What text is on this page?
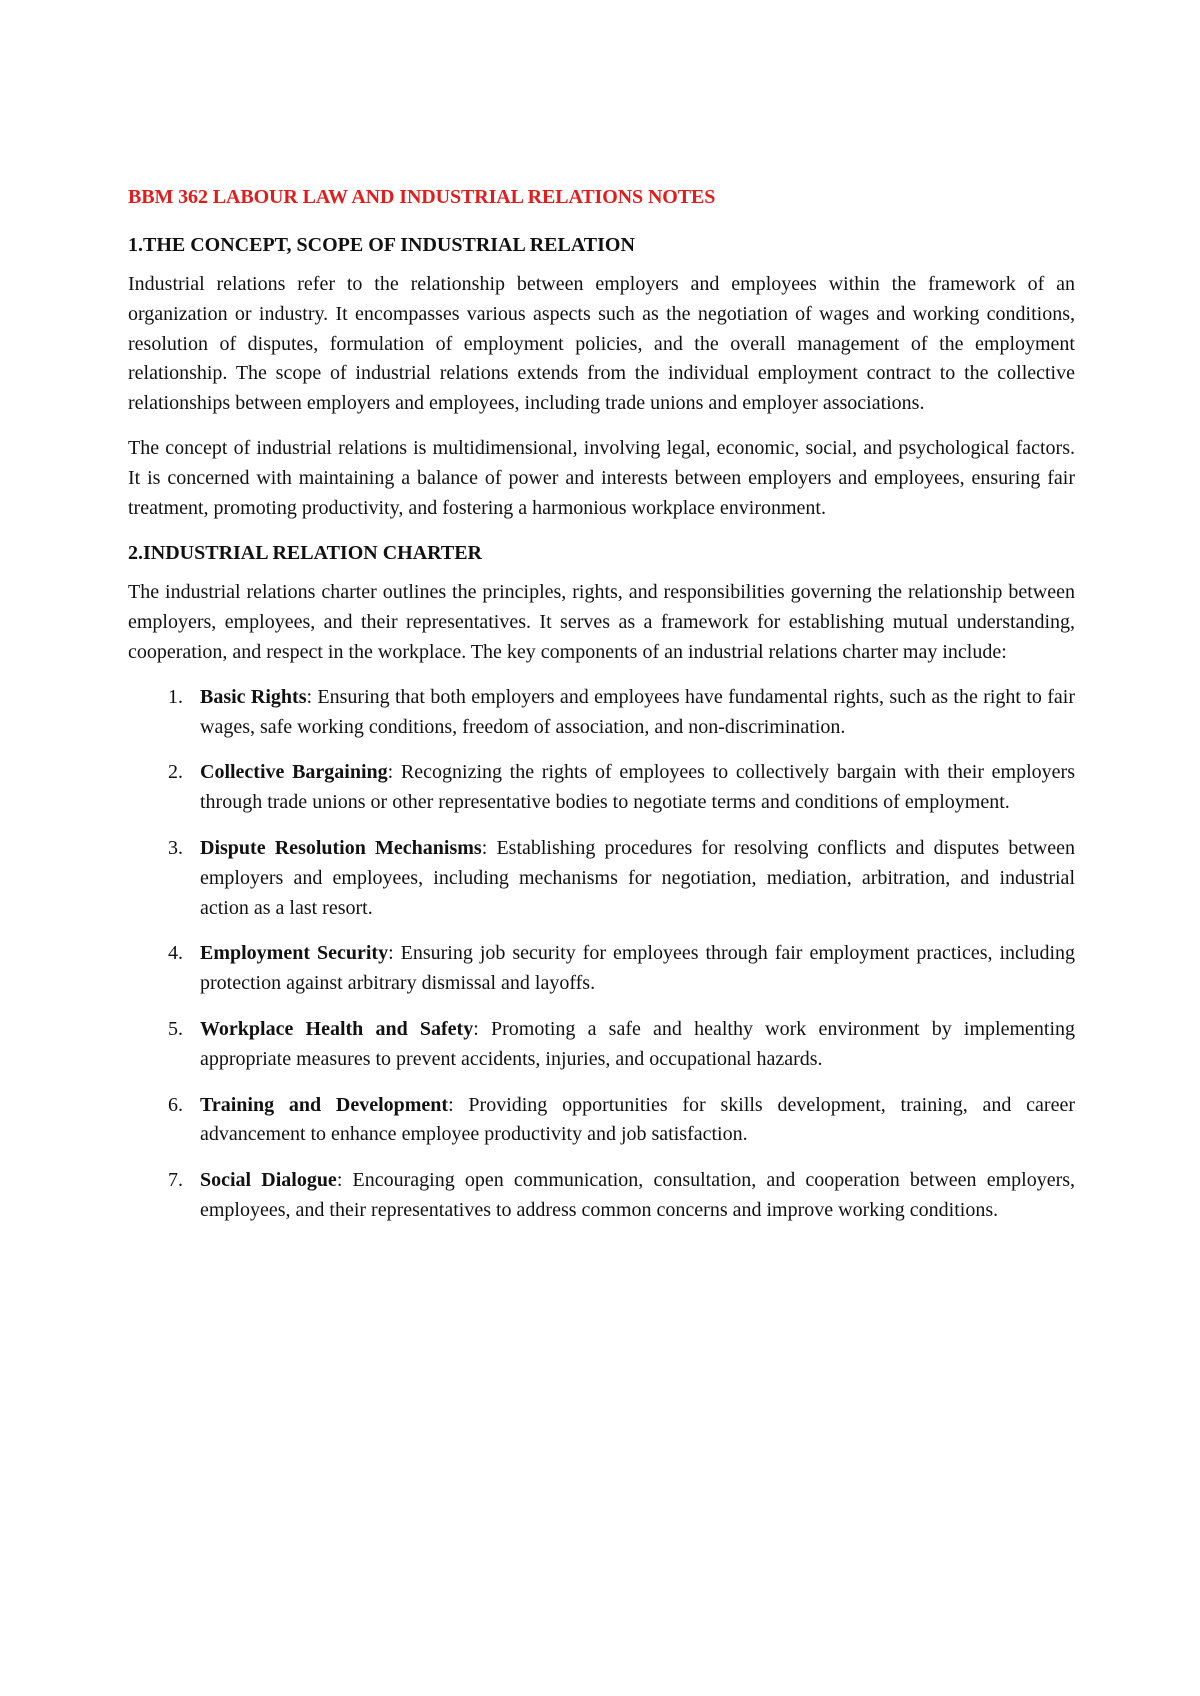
BBM 362 LABOUR LAW AND INDUSTRIAL RELATIONS NOTES
1.THE CONCEPT, SCOPE OF INDUSTRIAL RELATION

Industrial relations refer to the relationship between employers and employees within the framework of an organization or industry. It encompasses various aspects such as the negotiation of wages and working conditions, resolution of disputes, formulation of employment policies, and the overall management of the employment relationship. The scope of industrial relations extends from the individual employment contract to the collective relationships between employers and employees, including trade unions and employer associations.

The concept of industrial relations is multidimensional, involving legal, economic, social, and psychological factors. It is concerned with maintaining a balance of power and interests between employers and employees, ensuring fair treatment, promoting productivity, and fostering a harmonious workplace environment.

2.INDUSTRIAL RELATION CHARTER

The industrial relations charter outlines the principles, rights, and responsibilities governing the relationship between employers, employees, and their representatives. It serves as a framework for establishing mutual understanding, cooperation, and respect in the workplace. The key components of an industrial relations charter may include:

1. Basic Rights: Ensuring that both employers and employees have fundamental rights, such as the right to fair wages, safe working conditions, freedom of association, and non-discrimination.
2. Collective Bargaining: Recognizing the rights of employees to collectively bargain with their employers through trade unions or other representative bodies to negotiate terms and conditions of employment.
3. Dispute Resolution Mechanisms: Establishing procedures for resolving conflicts and disputes between employers and employees, including mechanisms for negotiation, mediation, arbitration, and industrial action as a last resort.
4. Employment Security: Ensuring job security for employees through fair employment practices, including protection against arbitrary dismissal and layoffs.
5. Workplace Health and Safety: Promoting a safe and healthy work environment by implementing appropriate measures to prevent accidents, injuries, and occupational hazards.
6. Training and Development: Providing opportunities for skills development, training, and career advancement to enhance employee productivity and job satisfaction.
7. Social Dialogue: Encouraging open communication, consultation, and cooperation between employers, employees, and their representatives to address common concerns and improve working conditions.
